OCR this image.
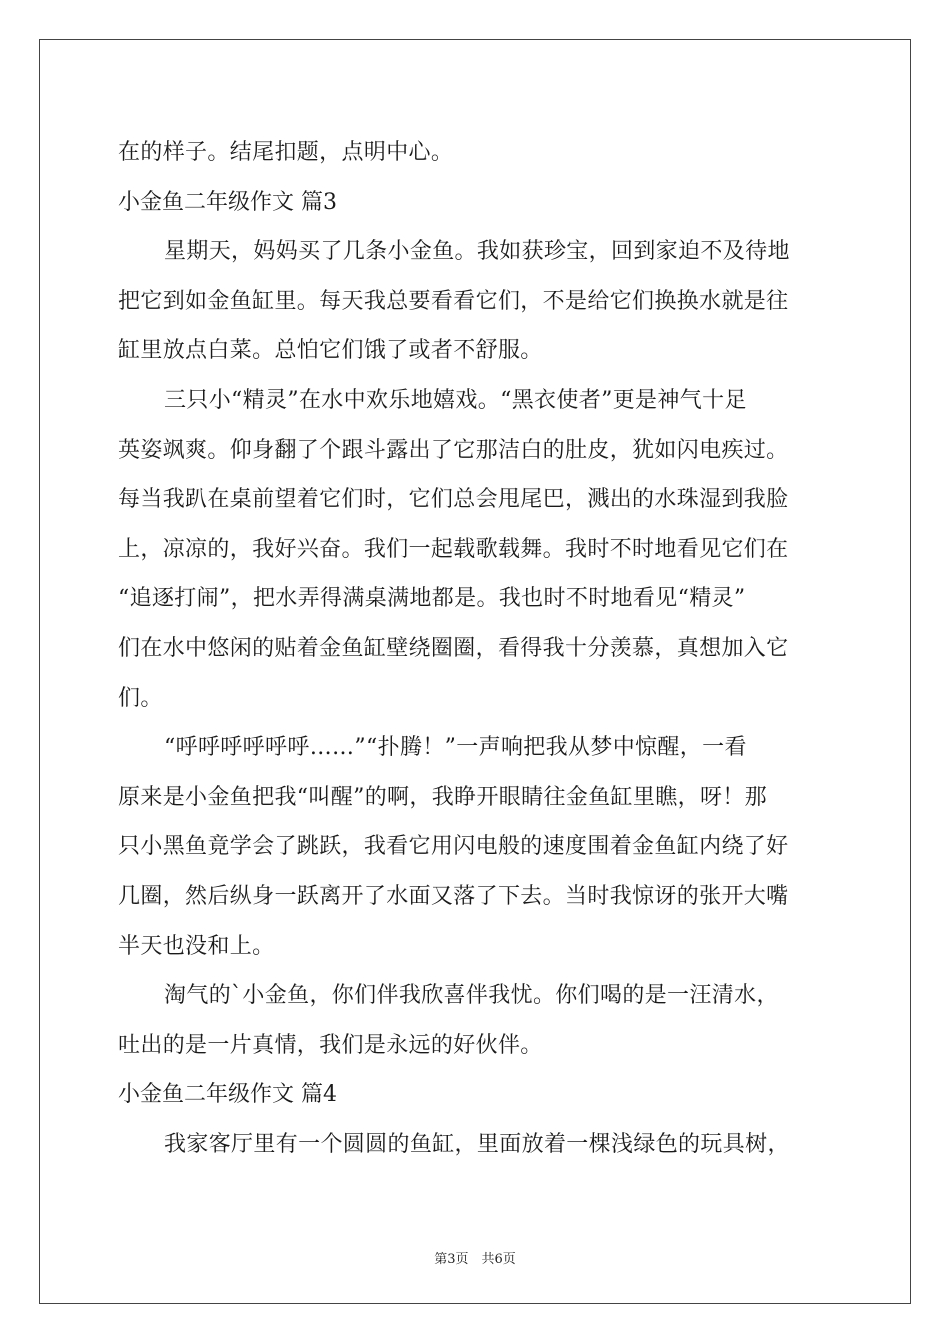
在的样子。结尾扣题，点明中心。
小金鱼二年级作文 篇3
星期天，妈妈买了几条小金鱼。我如获珍宝，回到家迫不及待地
把它到如金鱼缸里。每天我总要看看它们，不是给它们换换水就是往
缸里放点白菜。总怕它们饿了或者不舒服。
三只小“精灵”在水中欢乐地嬉戏。“黑衣使者”更是神气十足
英姿飒爽。仰身翻了个跟斗露出了它那洁白的肚皮，犹如闪电疾过。
每当我趴在桌前望着它们时，它们总会甩尾巴，溅出的水珠湿到我脸
上，凉凉的，我好兴奋。我们一起载歌载舞。我时不时地看见它们在
“追逐打闹”，把水弄得满桌满地都是。我也时不时地看见“精灵”
们在水中悠闲的贴着金鱼缸壁绕圈圈，看得我十分羡慕，真想加入它
们。
“呼呼呼呼呼呼……”“扑腾！”一声响把我从梦中惊醒，一看
原来是小金鱼把我“叫醒”的啊，我睁开眼睛往金鱼缸里瞧，呀！那
只小黑鱼竟学会了跳跃，我看它用闪电般的速度围着金鱼缸内绕了好
几圈，然后纵身一跃离开了水面又落了下去。当时我惊讶的张开大嘴
半天也没和上。
淘气的`小金鱼，你们伴我欣喜伴我忧。你们喝的是一汪清水，
吐出的是一片真情，我们是永远的好伙伴。
小金鱼二年级作文 篇4
我家客厅里有一个圆圆的鱼缸，里面放着一棵浅绿色的玩具树，
第3页　共6页
